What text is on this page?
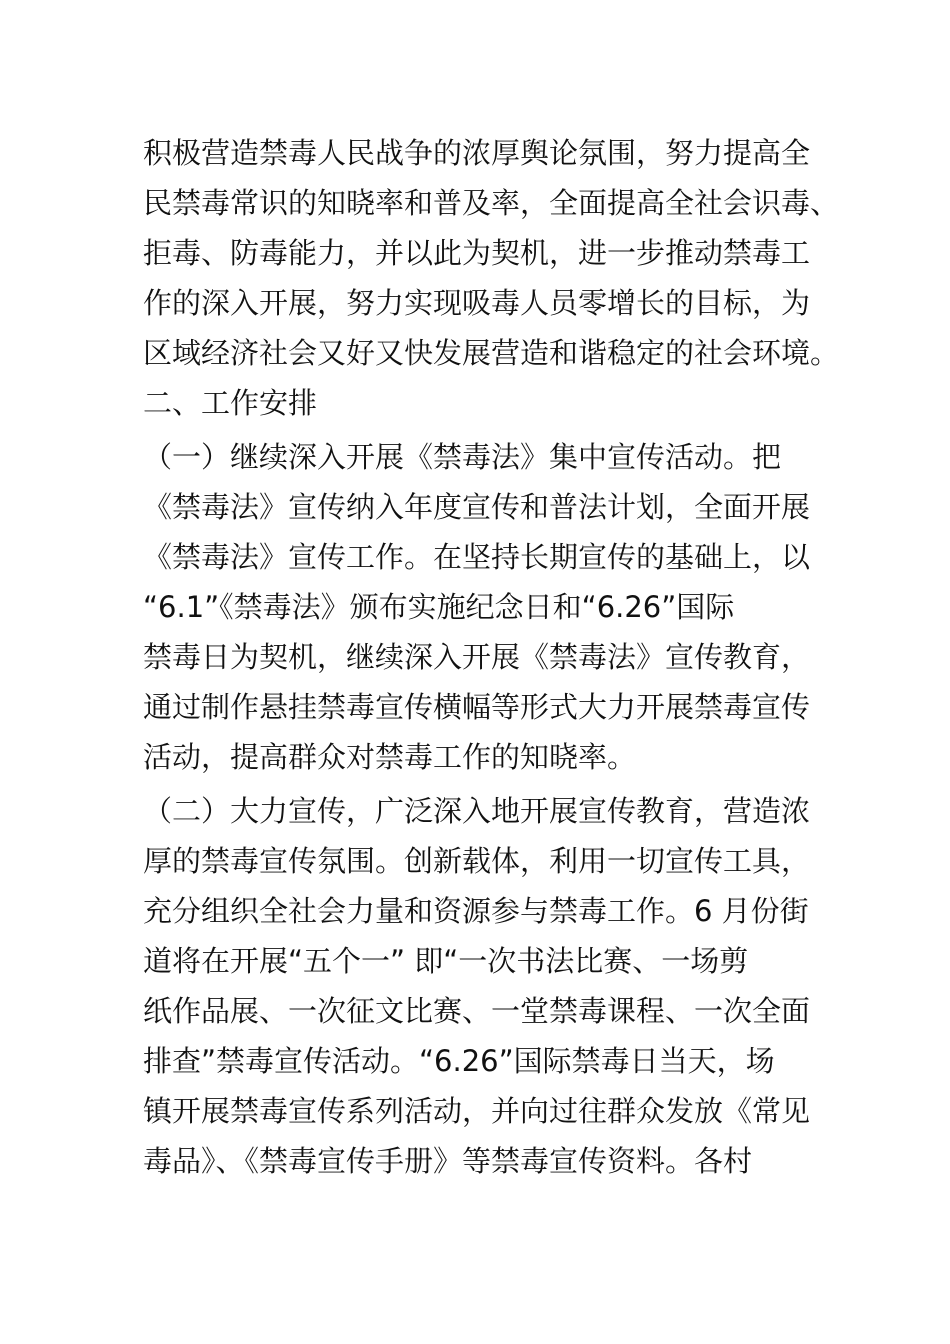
积极营造禁毒人民战争的浓厚舆论氛围，努力提高全
民禁毒常识的知晓率和普及率，全面提高全社会识毒、
拒毒、防毒能力，并以此为契机，进一步推动禁毒工
作的深入开展，努力实现吸毒人员零增长的目标，为
区域经济社会又好又快发展营造和谐稳定的社会环境。
二、工作安排
（一）继续深入开展《禁毒法》集中宣传活动。把
《禁毒法》宣传纳入年度宣传和普法计划，全面开展
《禁毒法》宣传工作。在坚持长期宣传的基础上，以
“6.1”《禁毒法》颁布实施纪念日和“6.26”国际
禁毒日为契机，继续深入开展《禁毒法》宣传教育，
通过制作悬挂禁毒宣传横幅等形式大力开展禁毒宣传
活动，提高群众对禁毒工作的知晓率。
（二）大力宣传，广泛深入地开展宣传教育，营造浓
厚的禁毒宣传氛围。创新载体，利用一切宣传工具，
充分组织全社会力量和资源参与禁毒工作。6 月份街
道将在开展“五个一” 即“一次书法比赛、一场剪
纸作品展、一次征文比赛、一堂禁毒课程、一次全面
排查”禁毒宣传活动。“6.26”国际禁毒日当天，场
镇开展禁毒宣传系列活动，并向过往群众发放《常见
毒品》、《禁毒宣传手册》等禁毒宣传资料。各村
